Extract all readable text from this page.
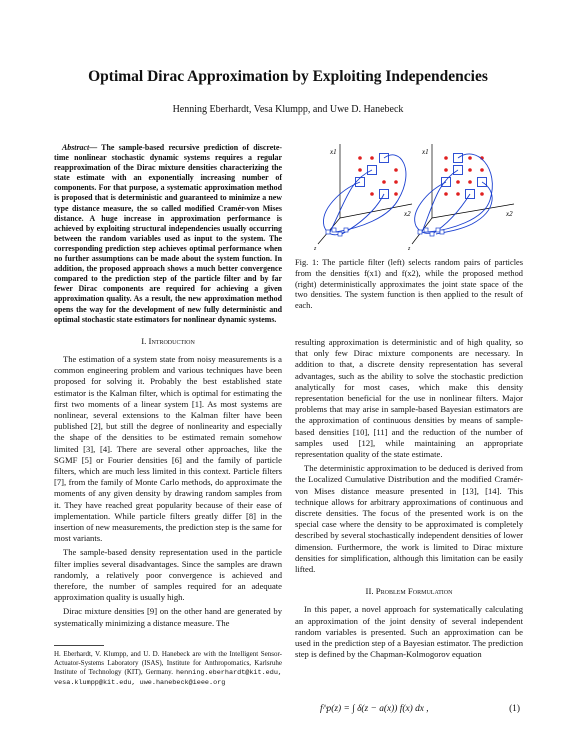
Optimal Dirac Approximation by Exploiting Independencies
Henning Eberhardt, Vesa Klumpp, and Uwe D. Hanebeck

Abstract— The sample-based recursive prediction of discrete-time nonlinear stochastic dynamic systems requires a regular reapproximation of the Dirac mixture densities characterizing the state estimate with an exponentially increasing number of components. For that purpose, a systematic approximation method is proposed that is deterministic and guaranteed to minimize a new type distance measure, the so called modified Cramér-von Mises distance. A huge increase in approximation performance is achieved by exploiting structural independencies usually occurring between the random variables used as input to the system. The corresponding prediction step achieves optimal performance when no further assumptions can be made about the system function. In addition, the proposed approach shows a much better convergence compared to the prediction step of the particle filter and by far fewer Dirac components are required for achieving a given approximation quality. As a result, the new approximation method opens the way for the development of new fully deterministic and optimal stochastic state estimators for nonlinear dynamic systems.

I. Introduction

The estimation of a system state from noisy measurements is a common engineering problem and various techniques have been proposed for solving it. Probably the best established state estimator is the Kalman filter, which is optimal for estimating the first two moments of a linear system [1]. As most systems are nonlinear, several extensions to the Kalman filter have been published [2], but still the degree of nonlinearity and especially the shape of the densities to be estimated remain somehow limited [3], [4]. There are several other approaches, like the SGMF [5] or Fourier densities [6] and the family of particle filters, which are much less limited in this context. Particle filters [7], from the family of Monte Carlo methods, do approximate the moments of any given density by drawing random samples from it. They have reached great popularity because of their ease of implementation. While particle filters greatly differ [8] in the insertion of new measurements, the prediction step is the same for most variants.

The sample-based density representation used in the particle filter implies several disadvantages. Since the samples are drawn randomly, a relatively poor convergence is achieved and therefore, the number of samples required for an adequate approximation quality is usually high.

Dirac mixture densities [9] on the other hand are generated by systematically minimizing a distance measure. The

H. Eberhardt, V. Klumpp, and U. D. Hanebeck are with the Intelligent Sensor-Actuator-Systems Laboratory (ISAS), Institute for Anthropomatics, Karlsruhe Institute of Technology (KIT), Germany. henning.eberhardt@kit.edu, vesa.klumpp@kit.edu, uwe.hanebeck@ieee.org
x1
x2
z
x1
x2
z
Fig. 1: The particle filter (left) selects random pairs of particles from the densities f(x1) and f(x2), while the proposed method (right) deterministically approximates the joint state space of the two densities. The system function is then applied to the result of each.

resulting approximation is deterministic and of high quality, so that only few Dirac mixture components are necessary. In addition to that, a discrete density representation has several advantages, such as the ability to solve the stochastic prediction analytically for most cases, which make this density representation beneficial for the use in nonlinear filters. Major problems that may arise in sample-based Bayesian estimators are the approximation of continuous densities by means of sample-based densities [10], [11] and the reduction of the number of samples used [12], while maintaining an appropriate representation quality of the state estimate.

The deterministic approximation to be deduced is derived from the Localized Cumulative Distribution and the modified Cramér-von Mises distance measure presented in [13], [14]. This technique allows for arbitrary approximations of continuous and discrete densities. The focus of the presented work is on the special case where the density to be approximated is completely described by several stochastically independent densities of lower dimension. Furthermore, the work is limited to Dirac mixture densities for simplification, although this limitation can be easily lifted.

II. Problem Formulation

In this paper, a novel approach for systematically calculating an approximation of the joint density of several independent random variables is presented. Such an approximation can be used in the prediction step of a Bayesian estimator. The prediction step is defined by the Chapman-Kolmogorov equation

f^p(z) = ∫ δ(z − a(x)) f(x) dx ,	(1)
